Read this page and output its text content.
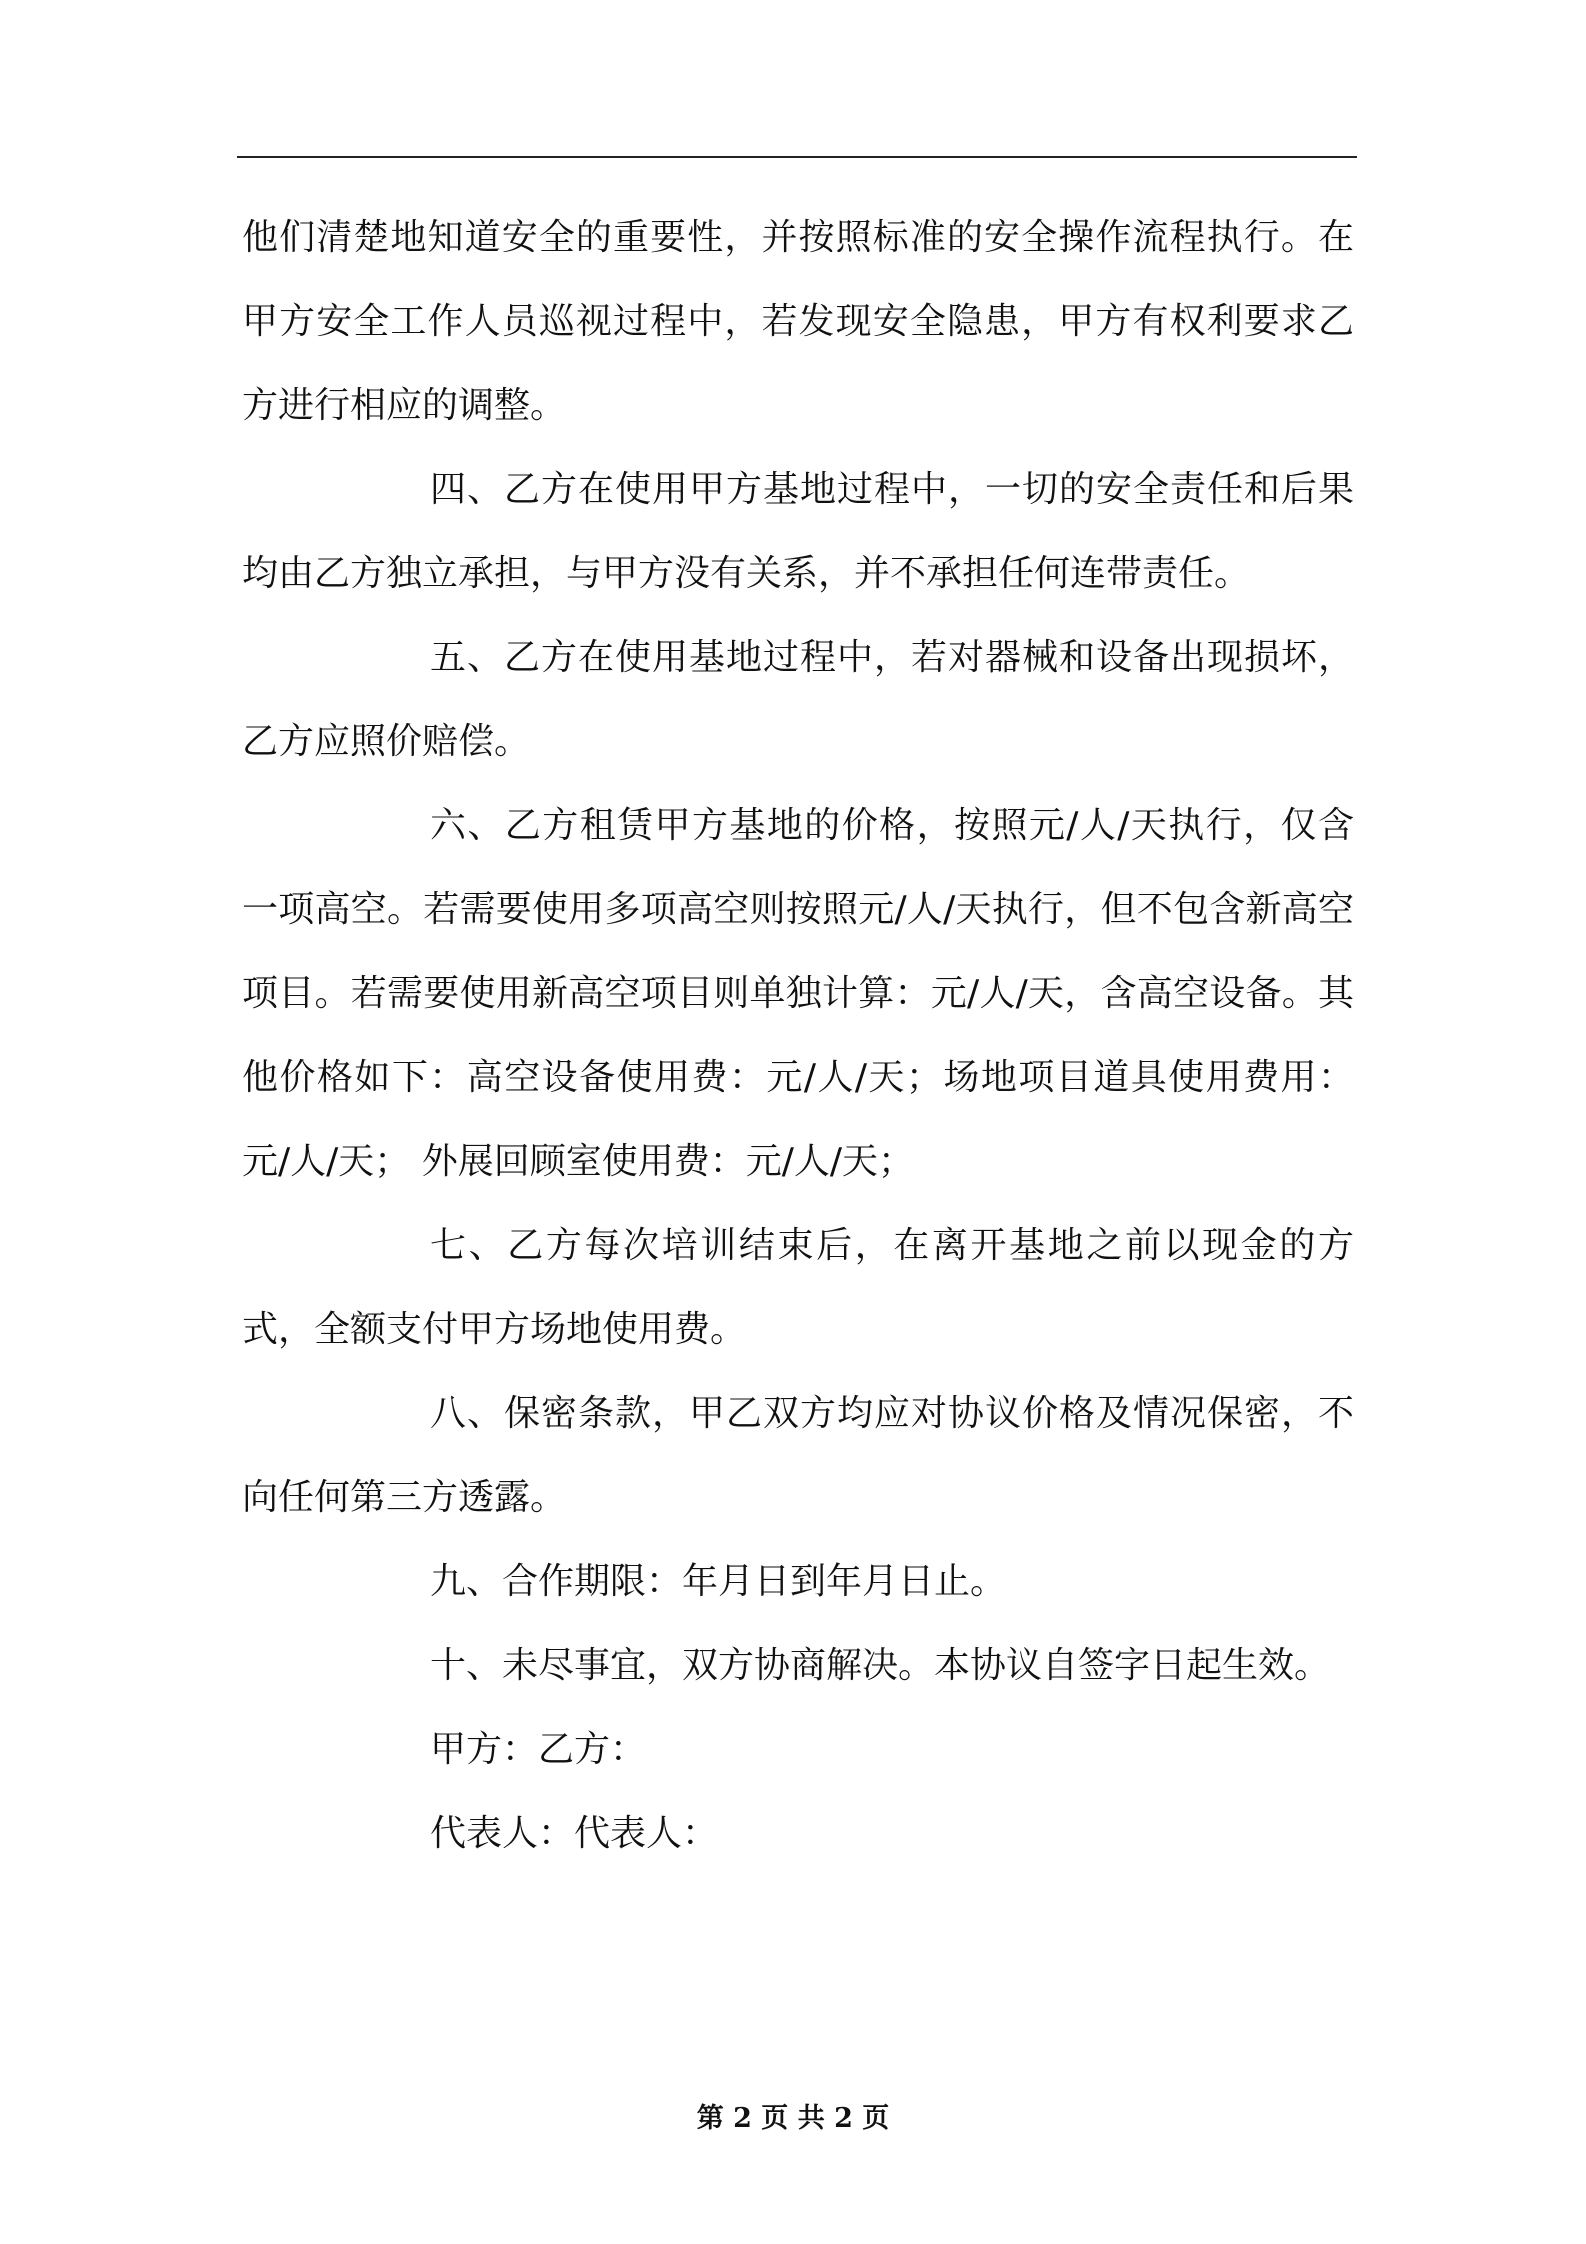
他们清楚地知道安全的重要性，并按照标准的安全操作流程执行。在甲方安全工作人员巡视过程中，若发现安全隐患，甲方有权利要求乙方进行相应的调整。

四、乙方在使用甲方基地过程中，一切的安全责任和后果均由乙方独立承担，与甲方没有关系，并不承担任何连带责任。

五、乙方在使用基地过程中，若对器械和设备出现损坏，乙方应照价赔偿。

六、乙方租赁甲方基地的价格，按照元/人/天执行，仅含一项高空。若需要使用多项高空则按照元/人/天执行，但不包含新高空项目。若需要使用新高空项目则单独计算：元/人/天，含高空设备。其他价格如下：高空设备使用费：元/人/天；场地项目道具使用费用：元/人/天； 外展回顾室使用费：元/人/天；

七、乙方每次培训结束后，在离开基地之前以现金的方式，全额支付甲方场地使用费。

八、保密条款，甲乙双方均应对协议价格及情况保密，不向任何第三方透露。

九、合作期限：年月日到年月日止。

十、未尽事宜，双方协商解决。本协议自签字日起生效。

甲方：乙方：

代表人：代表人：

第 2 页 共 2 页
